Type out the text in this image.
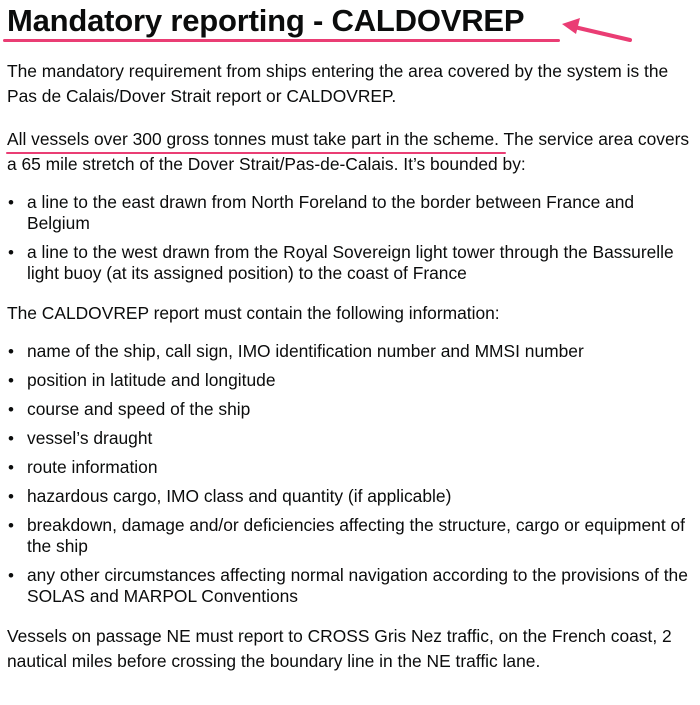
Mandatory reporting - CALDOVREP

The mandatory requirement from ships entering the area covered by the system is the Pas de Calais/Dover Strait report or CALDOVREP.

All vessels over 300 gross tonnes must take part in the scheme. The service area covers a 65 mile stretch of the Dover Strait/Pas-de-Calais. It’s bounded by:

• a line to the east drawn from North Foreland to the border between France and Belgium
• a line to the west drawn from the Royal Sovereign light tower through the Bassurelle light buoy (at its assigned position) to the coast of France

The CALDOVREP report must contain the following information:

• name of the ship, call sign, IMO identification number and MMSI number
• position in latitude and longitude
• course and speed of the ship
• vessel’s draught
• route information
• hazardous cargo, IMO class and quantity (if applicable)
• breakdown, damage and/or deficiencies affecting the structure, cargo or equipment of the ship
• any other circumstances affecting normal navigation according to the provisions of the SOLAS and MARPOL Conventions

Vessels on passage NE must report to CROSS Gris Nez traffic, on the French coast, 2 nautical miles before crossing the boundary line in the NE traffic lane.
